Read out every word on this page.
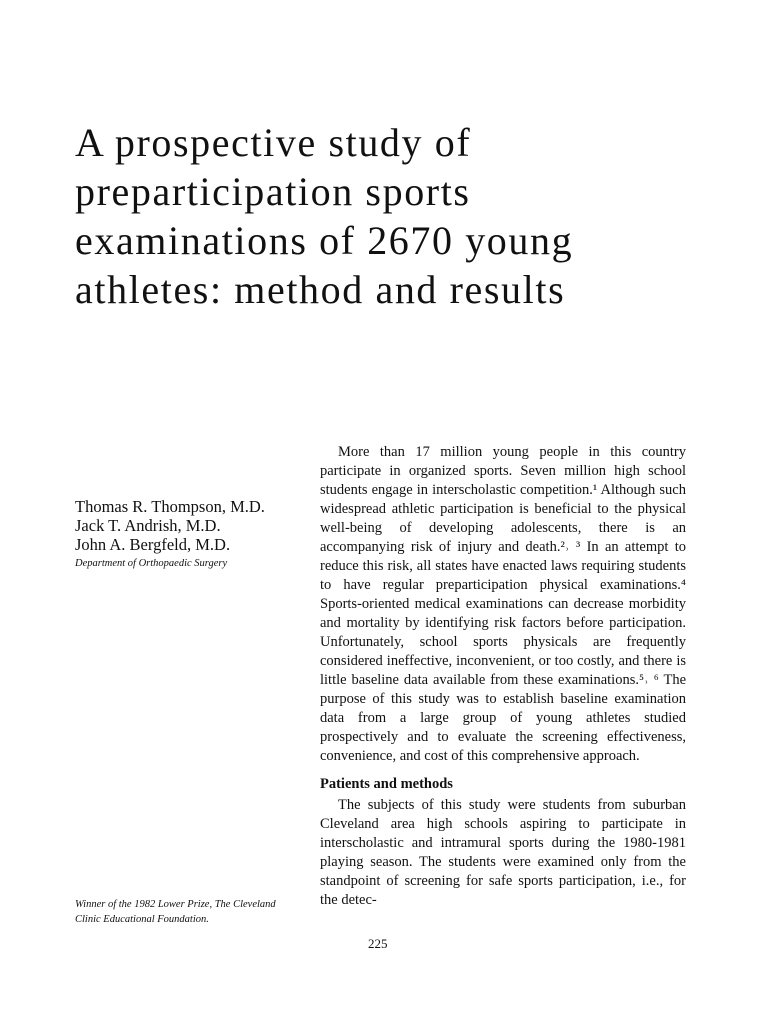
A prospective study of
preparticipation sports
examinations of 2670 young
athletes: method and results
Thomas R. Thompson, M.D.
Jack T. Andrish, M.D.
John A. Bergfeld, M.D.
Department of Orthopaedic Surgery
Winner of the 1982 Lower Prize, The Cleveland Clinic Educational Foundation.

More than 17 million young people in this country participate in organized sports. Seven million high school students engage in interscholastic competition.¹ Although such widespread athletic participation is beneficial to the physical well-being of developing adolescents, there is an accompanying risk of injury and death.²˒ ³ In an attempt to reduce this risk, all states have enacted laws requiring students to have regular preparticipation physical examinations.⁴ Sports-oriented medical examinations can decrease morbidity and mortality by identifying risk factors before participation. Unfortunately, school sports physicals are frequently considered ineffective, inconvenient, or too costly, and there is little baseline data available from these examinations.⁵˒ ⁶ The purpose of this study was to establish baseline examination data from a large group of young athletes studied prospectively and to evaluate the screening effectiveness, convenience, and cost of this comprehensive approach.

Patients and methods

The subjects of this study were students from suburban Cleveland area high schools aspiring to participate in interscholastic and intramural sports during the 1980-1981 playing season. The students were examined only from the standpoint of screening for safe sports participation, i.e., for the detec-

225
